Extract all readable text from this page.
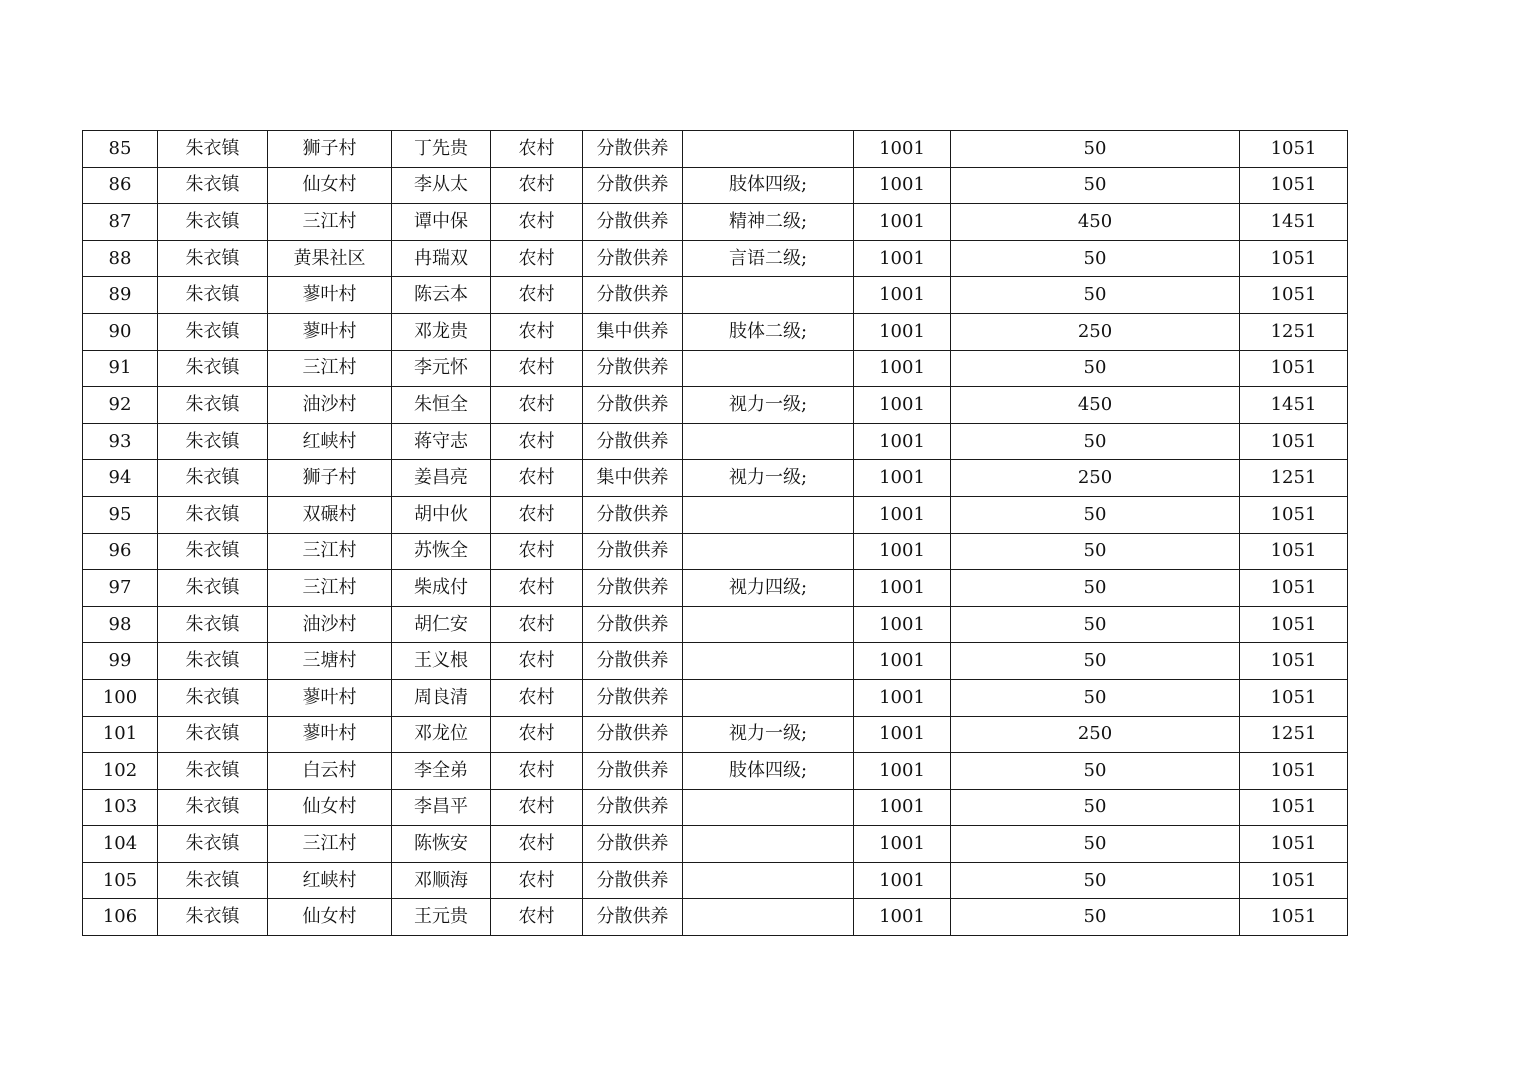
85	朱衣镇	狮子村	丁先贵	农村	分散供养		1001	50	1051
86	朱衣镇	仙女村	李从太	农村	分散供养	肢体四级;	1001	50	1051
87	朱衣镇	三江村	谭中保	农村	分散供养	精神二级;	1001	450	1451
88	朱衣镇	黄果社区	冉瑞双	农村	分散供养	言语二级;	1001	50	1051
89	朱衣镇	蓼叶村	陈云本	农村	分散供养		1001	50	1051
90	朱衣镇	蓼叶村	邓龙贵	农村	集中供养	肢体二级;	1001	250	1251
91	朱衣镇	三江村	李元怀	农村	分散供养		1001	50	1051
92	朱衣镇	油沙村	朱恒全	农村	分散供养	视力一级;	1001	450	1451
93	朱衣镇	红峡村	蒋守志	农村	分散供养		1001	50	1051
94	朱衣镇	狮子村	姜昌亮	农村	集中供养	视力一级;	1001	250	1251
95	朱衣镇	双碾村	胡中伙	农村	分散供养		1001	50	1051
96	朱衣镇	三江村	苏恢全	农村	分散供养		1001	50	1051
97	朱衣镇	三江村	柴成付	农村	分散供养	视力四级;	1001	50	1051
98	朱衣镇	油沙村	胡仁安	农村	分散供养		1001	50	1051
99	朱衣镇	三塘村	王义根	农村	分散供养		1001	50	1051
100	朱衣镇	蓼叶村	周良清	农村	分散供养		1001	50	1051
101	朱衣镇	蓼叶村	邓龙位	农村	分散供养	视力一级;	1001	250	1251
102	朱衣镇	白云村	李全弟	农村	分散供养	肢体四级;	1001	50	1051
103	朱衣镇	仙女村	李昌平	农村	分散供养		1001	50	1051
104	朱衣镇	三江村	陈恢安	农村	分散供养		1001	50	1051
105	朱衣镇	红峡村	邓顺海	农村	分散供养		1001	50	1051
106	朱衣镇	仙女村	王元贵	农村	分散供养		1001	50	1051
